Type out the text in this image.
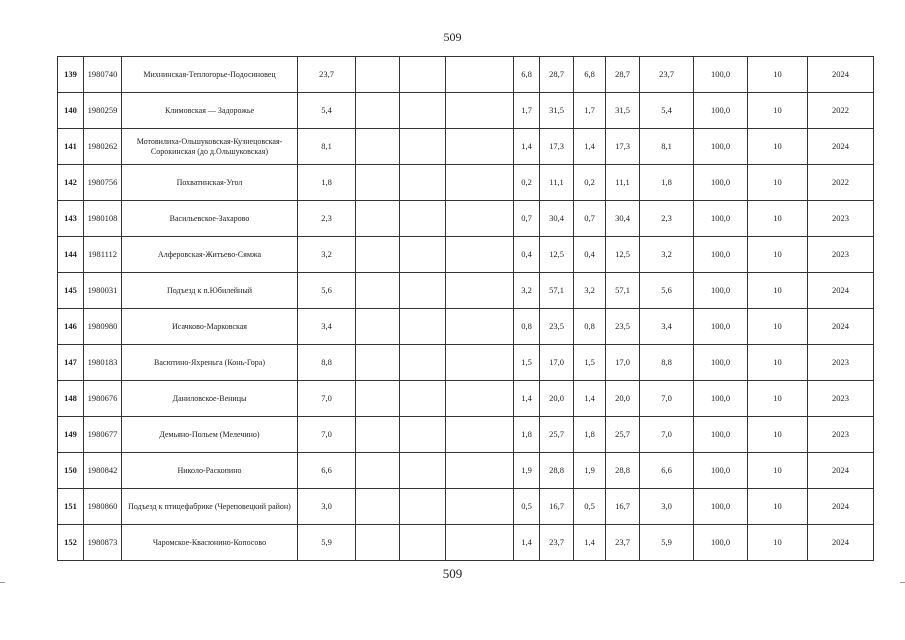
509
139	1980740	Михнинская-Теплогорье-Подосиновец	23,7				6,8	28,7	6,8	28,7	23,7	100,0	10	2024
140	1980259	Климовская — Задорожье	5,4				1,7	31,5	1,7	31,5	5,4	100,0	10	2022
141	1980262	Мотовилиха-Ольшуковская-Кузнецовская-Сорокинская (до д.Ольшуковская)	8,1				1,4	17,3	1,4	17,3	8,1	100,0	10	2024
142	1980756	Похватинская-Угол	1,8				0,2	11,1	0,2	11,1	1,8	100,0	10	2022
143	1980108	Васильевское-Захарово	2,3				0,7	30,4	0,7	30,4	2,3	100,0	10	2023
144	1981112	Алферовская-Житьево-Сямжа	3,2				0,4	12,5	0,4	12,5	3,2	100,0	10	2023
145	1980031	Подъезд к п.Юбилейный	5,6				3,2	57,1	3,2	57,1	5,6	100,0	10	2024
146	1980980	Исачково-Марковская	3,4				0,8	23,5	0,8	23,5	3,4	100,0	10	2024
147	1980183	Васютино-Яхреньга (Конь-Гора)	8,8				1,5	17,0	1,5	17,0	8,8	100,0	10	2023
148	1980676	Даниловское-Веницы	7,0				1,4	20,0	1,4	20,0	7,0	100,0	10	2023
149	1980677	Демьяно-Польем (Мелечино)	7,0				1,8	25,7	1,8	25,7	7,0	100,0	10	2023
150	1980842	Николо-Раскопино	6,6				1,9	28,8	1,9	28,8	6,6	100,0	10	2024
151	1980860	Подъезд к птицефабрике (Череповецкий район)	3,0				0,5	16,7	0,5	16,7	3,0	100,0	10	2024
152	1980873	Чаромское-Квасюнино-Копосово	5,9				1,4	23,7	1,4	23,7	5,9	100,0	10	2024
509
